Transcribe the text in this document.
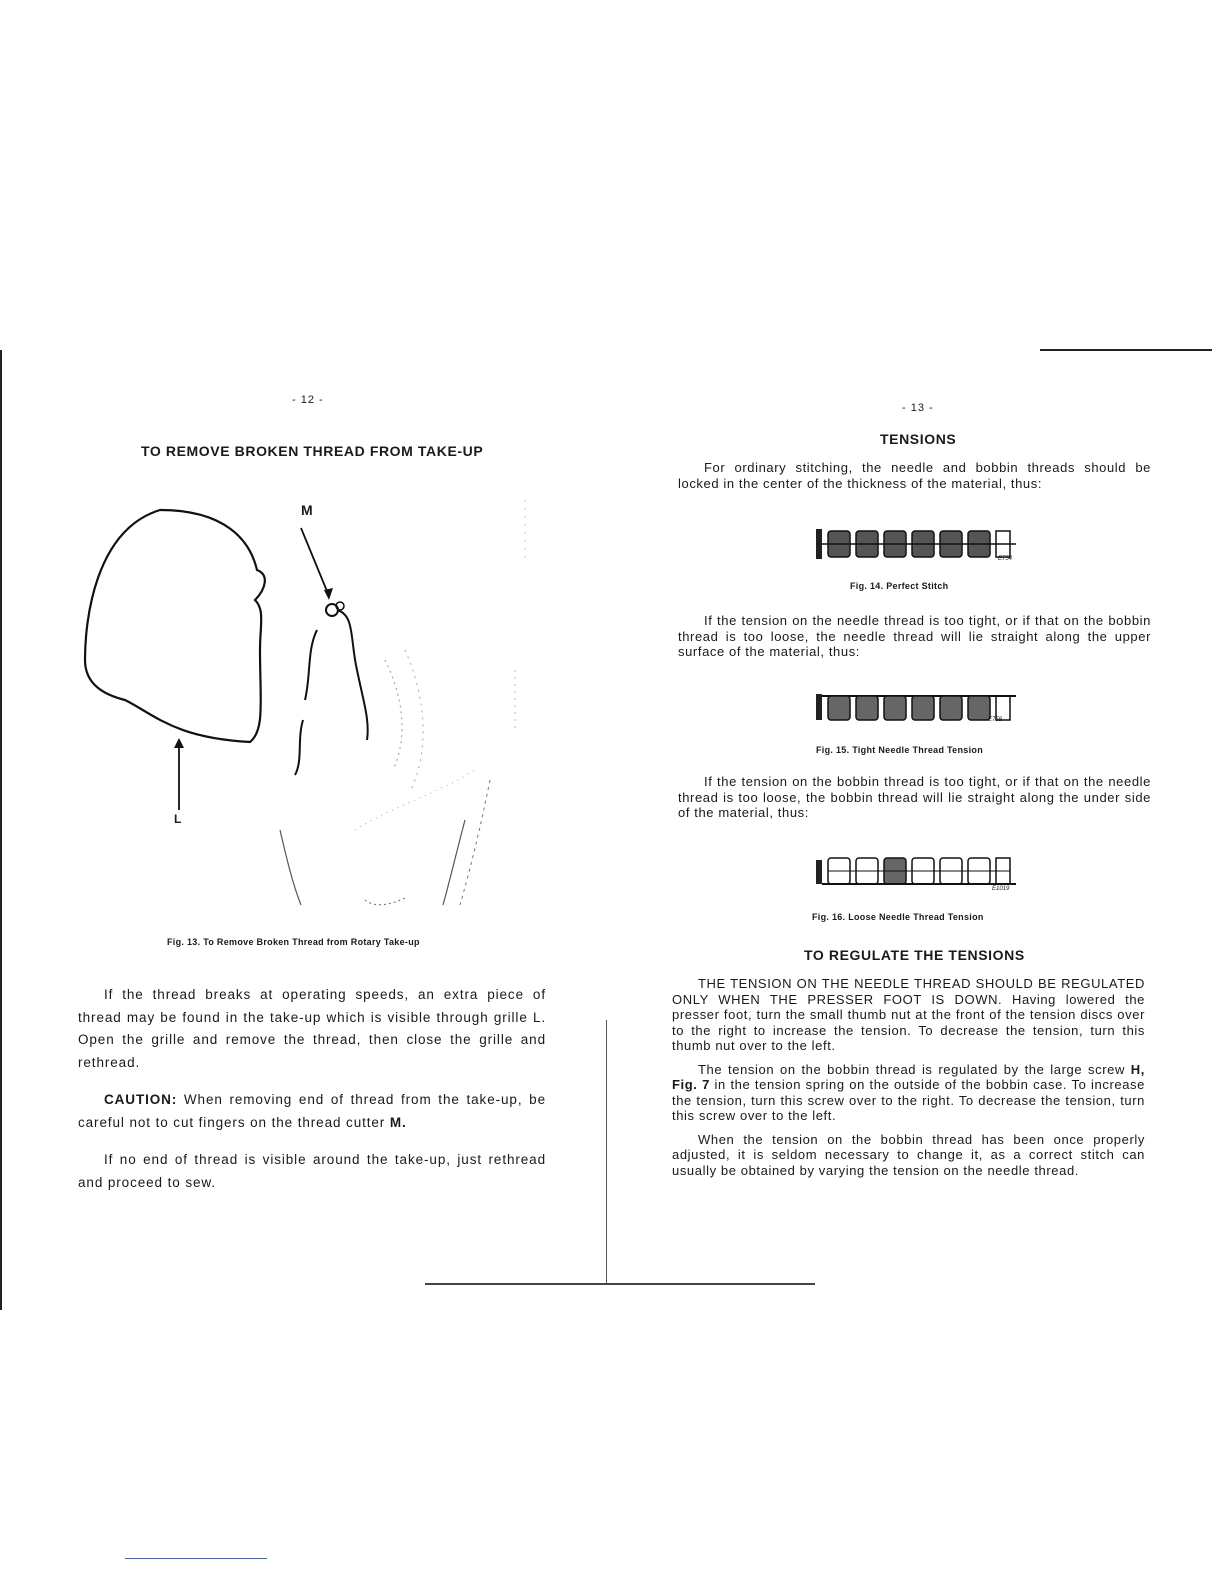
- 12 -
TO REMOVE BROKEN THREAD FROM TAKE-UP
M
L
Fig. 13. To Remove Broken Thread from Rotary Take-up

If the thread breaks at operating speeds, an extra piece of thread may be found in the take-up which is visible through grille L. Open the grille and remove the thread, then close the grille and rethread.

CAUTION: When removing end of thread from the take-up, be careful not to cut fingers on the thread cutter M.

If no end of thread is visible around the take-up, just rethread and proceed to sew.

- 13 -
TENSIONS

For ordinary stitching, the needle and bobbin threads should be locked in the center of the thickness of the material, thus:

E754
Fig. 14. Perfect Stitch

If the tension on the needle thread is too tight, or if that on the bobbin thread is too loose, the needle thread will lie straight along the upper surface of the material, thus:

E758
Fig. 15. Tight Needle Thread Tension

If the tension on the bobbin thread is too tight, or if that on the needle thread is too loose, the bobbin thread will lie straight along the under side of the material, thus:

E1019
Fig. 16. Loose Needle Thread Tension
TO REGULATE THE TENSIONS

THE TENSION ON THE NEEDLE THREAD SHOULD BE REGULATED ONLY WHEN THE PRESSER FOOT IS DOWN. Having lowered the presser foot, turn the small thumb nut at the front of the tension discs over to the right to increase the tension. To decrease the tension, turn this thumb nut over to the left.

The tension on the bobbin thread is regulated by the large screw H, Fig. 7 in the tension spring on the outside of the bobbin case. To increase the tension, turn this screw over to the right. To decrease the tension, turn this screw over to the left.

When the tension on the bobbin thread has been once properly adjusted, it is seldom necessary to change it, as a correct stitch can usually be obtained by varying the tension on the needle thread.
